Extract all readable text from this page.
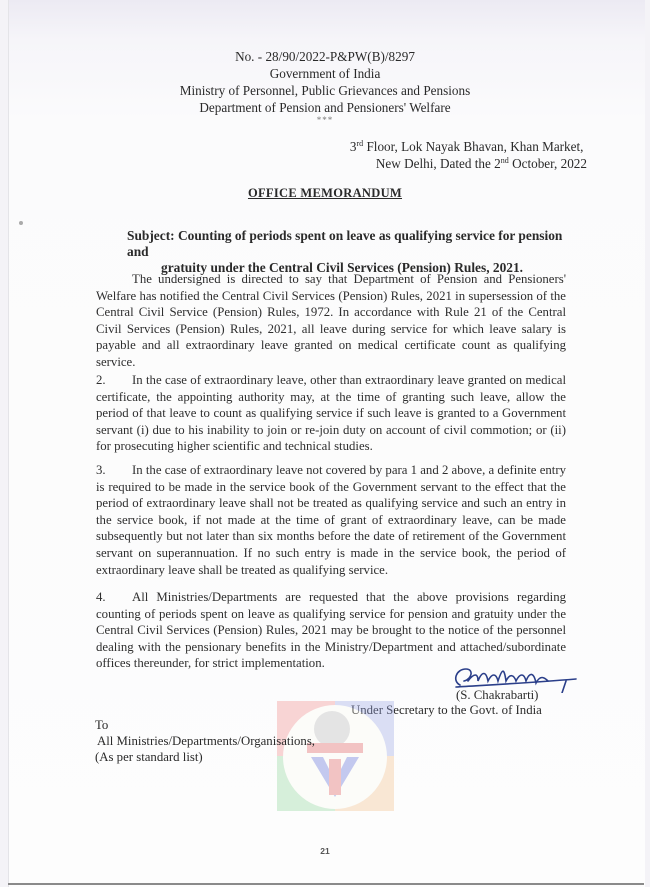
No. - 28/90/2022-P&PW(B)/8297
Government of India
Ministry of Personnel, Public Grievances and Pensions
Department of Pension and Pensioners' Welfare
***
3rd Floor, Lok Nayak Bhavan, Khan Market,
New Delhi, Dated the 2nd October, 2022
OFFICE MEMORANDUM
Subject: Counting of periods spent on leave as qualifying service for pension and
gratuity under the Central Civil Services (Pension) Rules, 2021.
The undersigned is directed to say that Department of Pension and Pensioners' Welfare has notified the Central Civil Services (Pension) Rules, 2021 in supersession of the Central Civil Service (Pension) Rules, 1972. In accordance with Rule 21 of the Central Civil Services (Pension) Rules, 2021, all leave during service for which leave salary is payable and all extraordinary leave granted on medical certificate count as qualifying service.
2. In the case of extraordinary leave, other than extraordinary leave granted on medical certificate, the appointing authority may, at the time of granting such leave, allow the period of that leave to count as qualifying service if such leave is granted to a Government servant (i) due to his inability to join or re-join duty on account of civil commotion; or (ii) for prosecuting higher scientific and technical studies.
3. In the case of extraordinary leave not covered by para 1 and 2 above, a definite entry is required to be made in the service book of the Government servant to the effect that the period of extraordinary leave shall not be treated as qualifying service and such an entry in the service book, if not made at the time of grant of extraordinary leave, can be made subsequently but not later than six months before the date of retirement of the Government servant on superannuation. If no such entry is made in the service book, the period of extraordinary leave shall be treated as qualifying service.
4. All Ministries/Departments are requested that the above provisions regarding counting of periods spent on leave as qualifying service for pension and gratuity under the Central Civil Services (Pension) Rules, 2021 may be brought to the notice of the personnel dealing with the pensionary benefits in the Ministry/Department and attached/subordinate offices thereunder, for strict implementation.
(S. Chakrabarti)
Under Secretary to the Govt. of India
To
All Ministries/Departments/Organisations,
(As per standard list)
21
